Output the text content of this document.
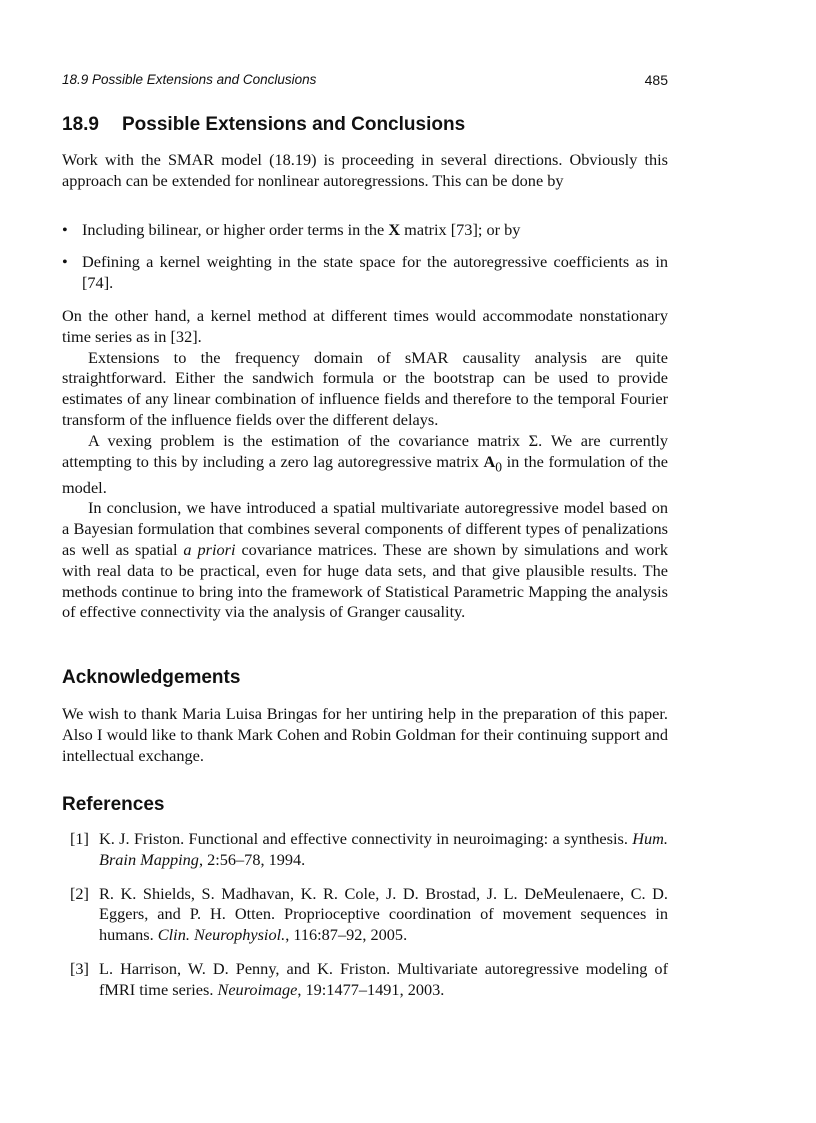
18.9 Possible Extensions and Conclusions	485
18.9 Possible Extensions and Conclusions

Work with the SMAR model (18.19) is proceeding in several directions. Obviously this approach can be extended for nonlinear autoregressions. This can be done by

• Including bilinear, or higher order terms in the X matrix [73]; or by
• Defining a kernel weighting in the state space for the autoregressive coefficients as in [74].

On the other hand, a kernel method at different times would accommodate nonstationary time series as in [32].

Extensions to the frequency domain of sMAR causality analysis are quite straightforward. Either the sandwich formula or the bootstrap can be used to provide estimates of any linear combination of influence fields and therefore to the temporal Fourier transform of the influence fields over the different delays.

A vexing problem is the estimation of the covariance matrix Σ. We are currently attempting to this by including a zero lag autoregressive matrix $A_0$ in the formulation of the model.

In conclusion, we have introduced a spatial multivariate autoregressive model based on a Bayesian formulation that combines several components of different types of penalizations as well as spatial a priori covariance matrices. These are shown by simulations and work with real data to be practical, even for huge data sets, and that give plausible results. The methods continue to bring into the framework of Statistical Parametric Mapping the analysis of effective connectivity via the analysis of Granger causality.

Acknowledgements

We wish to thank Maria Luisa Bringas for her untiring help in the preparation of this paper. Also I would like to thank Mark Cohen and Robin Goldman for their continuing support and intellectual exchange.

References
[1] K. J. Friston. Functional and effective connectivity in neuroimaging: a synthesis. Hum. Brain Mapping, 2:56–78, 1994.
[2] R. K. Shields, S. Madhavan, K. R. Cole, J. D. Brostad, J. L. DeMeulenaere, C. D. Eggers, and P. H. Otten. Proprioceptive coordination of movement sequences in humans. Clin. Neurophysiol., 116:87–92, 2005.
[3] L. Harrison, W. D. Penny, and K. Friston. Multivariate autoregressive modeling of fMRI time series. Neuroimage, 19:1477–1491, 2003.
